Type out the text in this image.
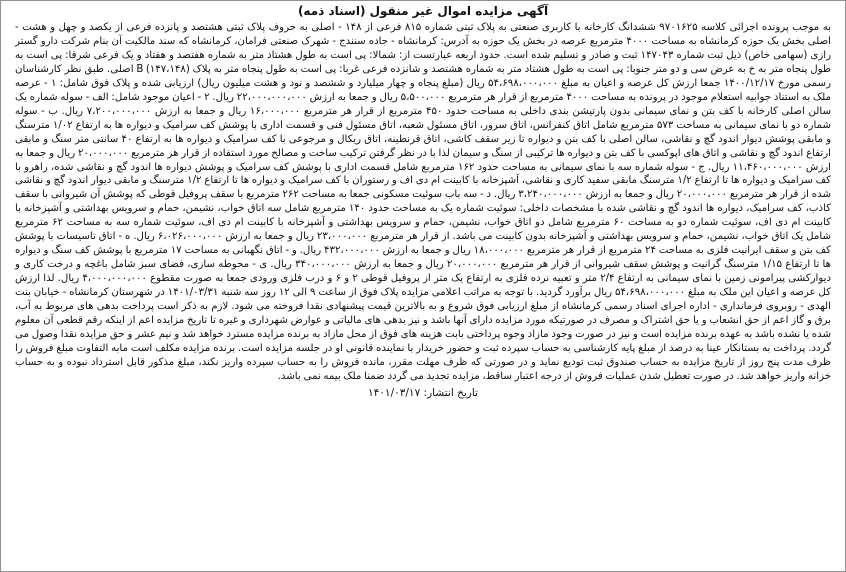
آگهی مزایده اموال غیر منقول (اسناد ذمه)

به موجب پرونده اجرائی کلاسه ۹۷۰۱۶۲۵ ششدانگ کارخانه با کاربری صنعتی به پلاک ثبتی شماره ۸۱۵ فرعی از ۱۴۸ - اصلی به حروف پلاک ثبتی هشتصد و پانزده فرعی از یکصد و چهل و هشت - اصلی بخش یک حوزه کرمانشاه به مساحت ۴۰۰۰ مترمربع عرصه در بخش یک حوزه به آدرس: کرمانشاه - جاده سنندج - شهرک صنعتی فرامان، کرمانشاه که سند مالکیت آن بنام شرکت دارو گستر رازی (سهامی خاص) ذیل ثبت شماره ۱۴۷۰۴۳ ثبت و صادر و تسلیم شده است. حدود اربعه عبارتست از: شمالا: پی است به طول هشتاد متر به شماره هفتصد و هفتاد و یک فرعی شرقا: پی است به طول پنجاه متر به خ به عرض سی و دو متر جنوبا: پی است به طول هشتاد متر به شماره هشتصد و شانزده فرعی غربا: پی است به طول پنجاه متر به پلاک B (۱۴۷،۱۴۸) اصلی. طبق نظر کارشناسان رسمی مورخ ۱۴۰۰/۱۲/۱۷ جمعا ارزش کل عرصه و اعیان به مبلغ ۵۴،۶۹۸،۰۰۰،۰۰۰ ریال (مبلغ پنجاه و چهار میلیارد و ششصد و نود و هشت میلیون ریال) ارزیابی شده و پلاک فوق شامل: ۱ - عرصه ملک به استناد جوابیه استعلام موجود در پرونده به مساحت ۴۰۰۰ مترمربع از قرار هر مترمربع ۵،۵۰۰،۰۰۰ ریال و جمعا به ارزش ۲۲،۰۰۰،۰۰۰،۰۰۰ ریال. ۲ - اعیان موجود شامل: الف - سوله شماره یک سالن اصلی کارخانه با کف بتن و نمای سیمانی بدون پارتیشن بندی داخلی به مساحت حدود ۴۵۰ مترمربع از قرار هر مترمربع ۱۶،۰۰۰،۰۰۰ ریال و جمعا به ارزش ۷،۲۰۰،۰۰۰،۰۰۰ ریال. ب - سوله شماره دو با نمای سیمانی به مساحت ۵۷۳ مترمربع شامل اتاق کنفرانس، اتاق سرور، اتاق مسئول شعبه، اتاق مسئول فنی و قسمت اداری با پوشش کف سرامیک و دیواره ها به ارتفاع ۱/۰۲ مترسنگ و مابقی پوشش دیوار اندود گچ و نقاشی، سالن اصلی با کف بتن و دیواره تا زیر سقف کاشی، اتاق قرنطینه، اتاق ریکال و مرجوعی با کف سرامیک و دیواره ها به ارتفاع ۴۰ سانتی متر سنگ و مابقی ارتفاع اندود گچ و نقاشی و اتاق های اپوکسی با کف بتن و دیواره ها ترکیبی از سنگ و سیمان لذا با در نظر گرفتن ترکیب ساخت و مصالح مورد استفاده از قرار هر مترمربع ۲۰،۰۰۰،۰۰۰ ریال و جمعا به ارزش ۱۱،۴۶۰،۰۰۰،۰۰۰ ریال. ج - سوله شماره سه با نمای سیمانی به مساحت حدود ۱۶۲ مترمربع شامل قسمت اداری با پوشش کف سرامیک و پوشش دیواره ها اندود گچ و نقاشی شده، راهرو با کف سرامیک و دیواره ها تا ارتفاع ۱/۲ مترسنگ مابقی سفید کاری و نقاشی، آشپزخانه با کابینت ام دی اف و رستوران با کف سرامیک و دیواره ها تا ارتفاع ۱/۲ مترسنگ و مابقی دیوار اندود گچ و نقاشی شده از قرار هر مترمربع ۲۰،۰۰۰،۰۰۰ ریال و جمعا به ارزش ۳،۲۴۰،۰۰۰،۰۰۰ ریال. د - سه باب سوئیت مسکونی جمعا به مساحت ۲۶۲ مترمربع با سقف پروفیل قوطی که پوشش آن شیروانی با سقف کاذب، کف سرامیک، دیواره ها اندود گچ و نقاشی شده با مشخصات داخلی: سوئیت شماره یک به مساحت حدود ۱۴۰ مترمربع شامل سه اتاق خواب، نشیمن، حمام و سرویس بهداشتی و آشپزخانه با کابینت ام دی اف، سوئیت شماره دو به مساحت ۶۰ مترمربع شامل دو اتاق خواب، نشیمن، حمام و سرویس بهداشتی و آشپزخانه با کابینت ام دی اف، سوئیت شماره سه به مساحت ۶۲ مترمربع شامل یک اتاق خواب، نشیمن، حمام و سرویس بهداشتی و آشپزخانه بدون کابینت می باشد. از قرار هر مترمربع ۲۳،۰۰۰،۰۰۰ ریال و جمعا به ارزش ۶،۰۲۶،۰۰۰،۰۰۰ ریال. ه - اتاق تاسیسات با پوشش کف بتن و سقف ایرانیت فلزی به مساحت ۲۴ مترمربع از قرار هر مترمربع ۱۸،۰۰۰،۰۰۰ ریال و جمعا به ارزش ۴۳۲،۰۰۰،۰۰۰ ریال. و - اتاق نگهبانی به مساحت ۱۷ مترمربع با پوشش کف سنگ و دیواره ها تا ارتفاع ۱/۱۵ مترسنگ گرانیت و پوشش سقف شیروانی از قرار هر مترمربع ۲۰،۰۰۰،۰۰۰ ریال و جمعا به ارزش ۳۴۰،۰۰۰،۰۰۰ ریال. ی - محوطه سازی، فضای سبز شامل باغچه و درخت کاری و دیوارکشی پیرامونی زمین با نمای سیمانی به ارتفاع ۲/۴ متر و تعبیه نرده فلزی به ارتفاع یک متر از پروفیل قوطی ۲ و ۶ و درب فلزی ورودی جمعا به صورت مقطوع ۴،۰۰۰،۰۰۰،۰۰۰ ریال. لذا ارزش کل عرصه و اعیان این ملک به مبلغ ۵۴،۶۹۸،۰۰۰،۰۰۰ ریال برآورد گردید. با توجه به مراتب اعلامی مزایده پلاک فوق از ساعت ۹ الی ۱۲ روز سه شنبه ۱۴۰۱/۰۳/۳۱ در شهرستان کرمانشاه - خیابان بنت الهدی - روبروی فرمانداری - اداره اجرای اسناد رسمی کرمانشاه از مبلغ ارزیابی فوق شروع و به بالاترین قیمت پیشنهادی نقدا فروخته می شود. لازم به ذکر است پرداخت بدهی های مربوط به آب، برق و گاز اعم از حق انشعاب و یا حق اشتراک و مصرف در صورتیکه مورد مزایده دارای آنها باشد و نیز بدهی های مالیاتی و عوارض شهرداری و غیره تا تاریخ مزایده اعم از اینکه رقم قطعی آن معلوم شده یا نشده باشد به عهده برنده مزایده است و نیز در صورت وجود مازاد وجوه پرداختی بابت هزینه های فوق از محل مازاد به برنده مزایده مسترد خواهد شد و نیم عشر و حق مزایده نقدا وصول می گردد. پرداخت به بستانکار عینا به درصد از مبلغ پایه کارشناسی به حساب سپرده ثبت و حضور خریدار با نماینده قانونی او در جلسه مزایده است. برنده مزایده مکلف است مابه التفاوت مبلغ فروش را ظرف مدت پنج روز از تاریخ مزایده به حساب صندوق ثبت تودیع نماید و در صورتی که ظرف مهلت مقرر، مانده فروش را به حساب سپرده واریز نکند، مبلغ مذکور قابل استرداد نبوده و به حساب خزانه واریز خواهد شد. در صورت تعطیل شدن عملیات فروش از درجه اعتبار ساقط، مزایده تجدید می گردد ضمنا ملک بیمه نمی باشد.

تاریخ انتشار: ۱۴۰۱/۰۳/۱۷
